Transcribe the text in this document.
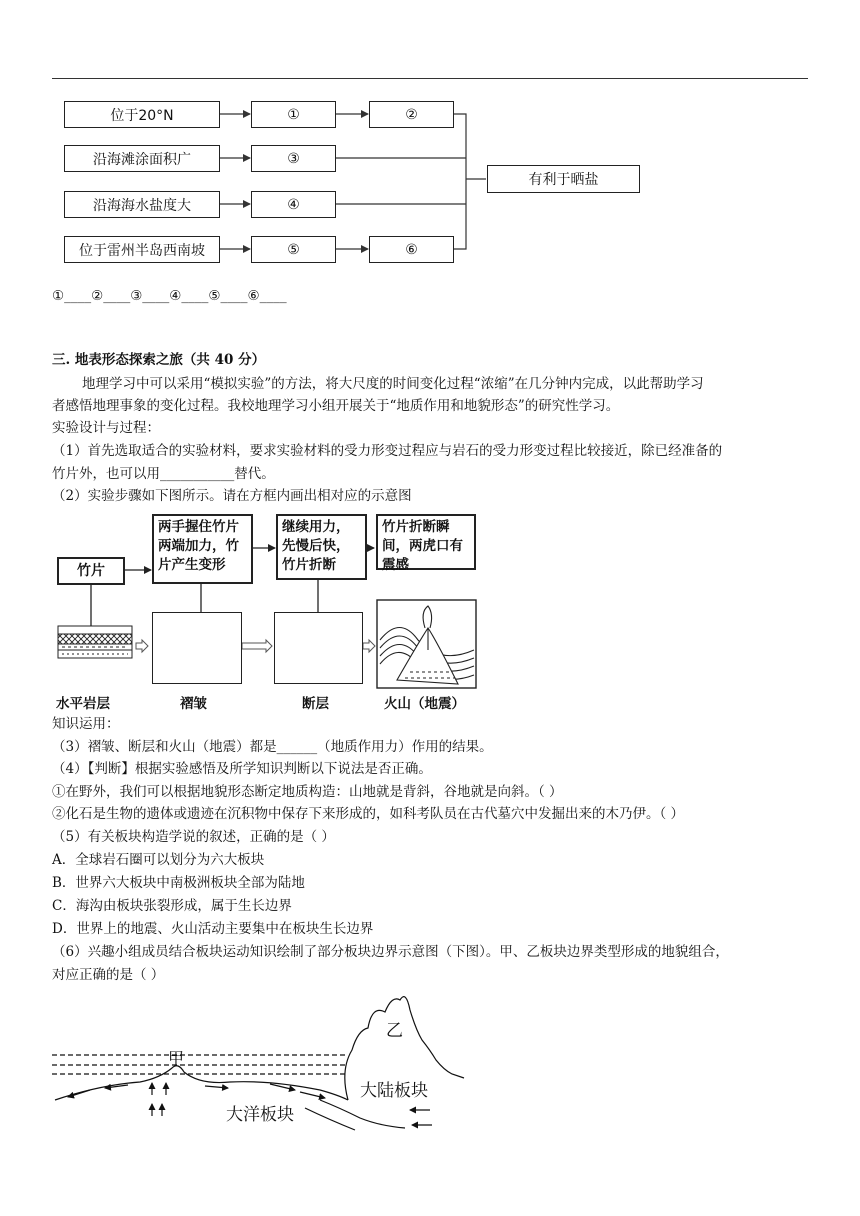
位于20°N
沿海滩涂面积广
沿海海水盐度大
位于雷州半岛西南坡
①
③
④
⑤
②
⑥
有利于晒盐
①____②____③____④____⑤____⑥____
三. 地表形态探索之旅（共 40 分）
地理学习中可以采用“模拟实验”的方法，将大尺度的时间变化过程“浓缩”在几分钟内完成，以此帮助学习
者感悟地理事象的变化过程。我校地理学习小组开展关于“地质作用和地貌形态”的研究性学习。
实验设计与过程：
（1）首先选取适合的实验材料，要求实验材料的受力形变过程应与岩石的受力形变过程比较接近，除已经准备的
竹片外，也可以用___________替代。
（2）实验步骤如下图所示。请在方框内画出相对应的示意图
竹片
两手握住竹片两端加力，竹片产生变形
继续用力，先慢后快，竹片折断
竹片折断瞬间，两虎口有震感
水平岩层	褶皱	断层	火山（地震）
知识运用：
（3）褶皱、断层和火山（地震）都是______（地质作用力）作用的结果。
（4）【判断】根据实验感悟及所学知识判断以下说法是否正确。
①在野外，我们可以根据地貌形态断定地质构造：山地就是背斜，谷地就是向斜。（ ）
②化石是生物的遗体或遗迹在沉积物中保存下来形成的，如科考队员在古代墓穴中发掘出来的木乃伊。（ ）
（5）有关板块构造学说的叙述，正确的是（ ）
A．全球岩石圈可以划分为六大板块
B．世界六大板块中南极洲板块全部为陆地
C．海沟由板块张裂形成，属于生长边界
D．世界上的地震、火山活动主要集中在板块生长边界
（6）兴趣小组成员结合板块运动知识绘制了部分板块边界示意图（下图）。甲、乙板块边界类型形成的地貌组合，
对应正确的是（ ）
甲
乙
大陆板块
大洋板块
